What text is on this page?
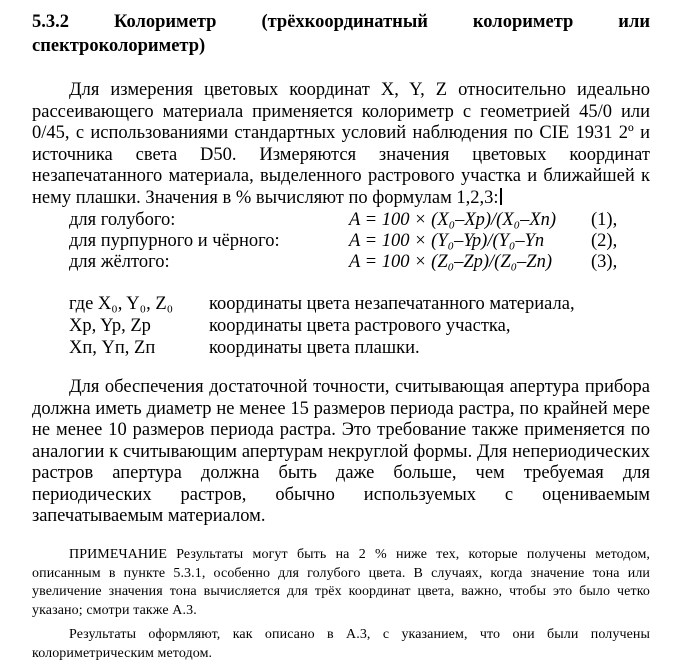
5.3.2 Колориметр (трёхкоординатный колориметр или
спектроколориметр)
Для измерения цветовых координат X, Y, Z относительно идеально рассеивающего материала применяется колориметр с геометрией 45/0 или 0/45, с использованиями стандартных условий наблюдения по CIE 1931 2º и источника света D50. Измеряются значения цветовых координат незапечатанного материала, выделенного растрового участка и ближайшей к нему плашки. Значения в % вычисляют по формулам 1,2,3:
для голубого:	A = 100 × (X₀–Xp)/(X₀–Xп) (1),
для пурпурного и чёрного:	A = 100 × (Y₀–Yp)/(Y₀–Yп	(2),
для жёлтого:	A = 100 × (Z₀–Zp)/(Z₀–Zп) (3),
где X₀, Y₀, Z₀ координаты цвета незапечатанного материала,
Xp, Yp, Zp	координаты цвета растрового участка,
Xп, Yп, Zп	координаты цвета плашки.
Для обеспечения достаточной точности, считывающая апертура прибора должна иметь диаметр не менее 15 размеров периода растра, по крайней мере не менее 10 размеров периода растра. Это требование также применяется по аналогии к считывающим апертурам некруглой формы. Для непериодических растров апертура должна быть даже больше, чем требуемая для периодических растров, обычно используемых с оцениваемым запечатываемым материалом.
ПРИМЕЧАНИЕ Результаты могут быть на 2 % ниже тех, которые получены методом, описанным в пункте 5.3.1, особенно для голубого цвета. В случаях, когда значение тона или увеличение значения тона вычисляется для трёх координат цвета, важно, чтобы это было четко указано; смотри также А.3.
Результаты оформляют, как описано в А.3, с указанием, что они были получены колориметрическим методом.
